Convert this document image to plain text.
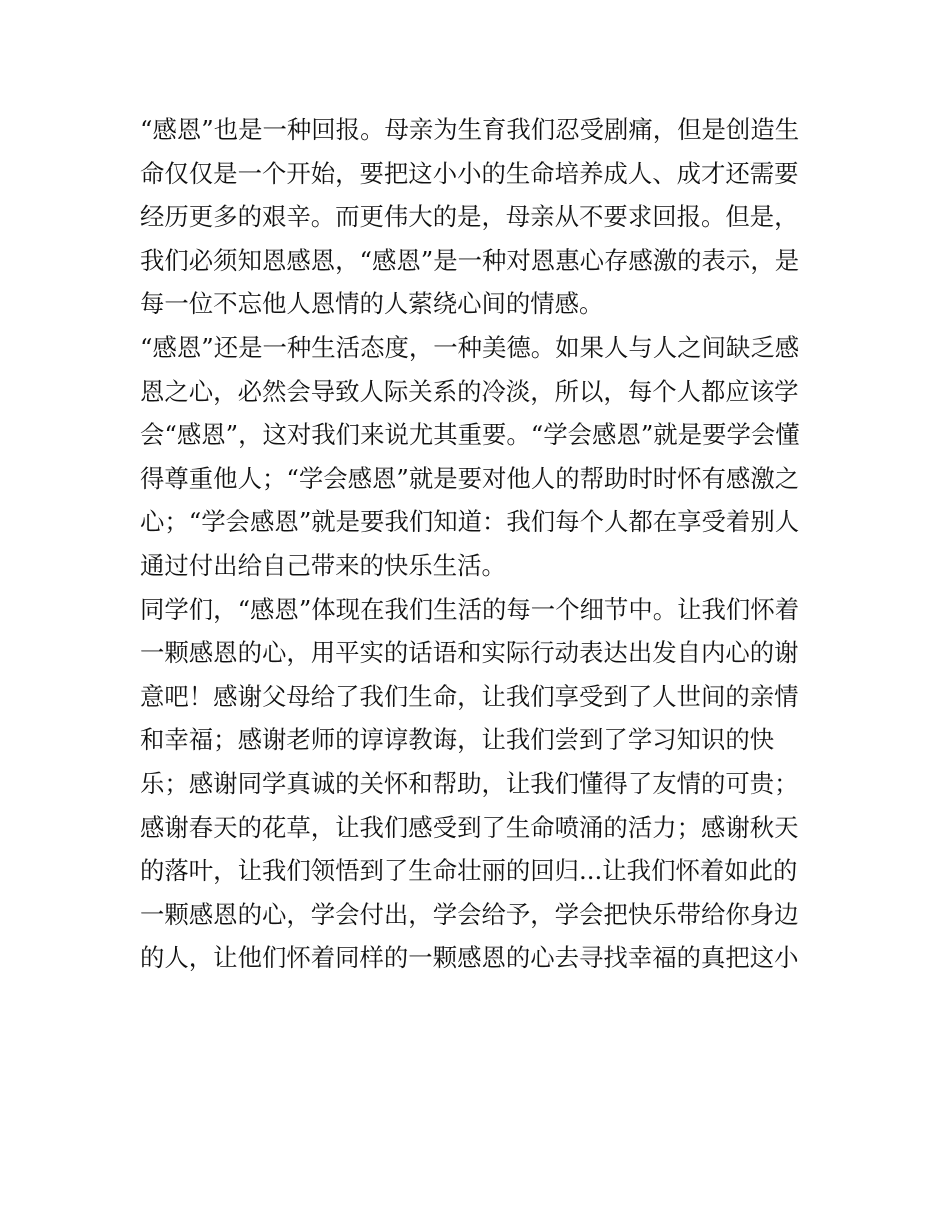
“感恩”也是一种回报。母亲为生育我们忍受剧痛，但是创造生
命仅仅是一个开始，要把这小小的生命培养成人、成才还需要
经历更多的艰辛。而更伟大的是，母亲从不要求回报。但是，
我们必须知恩感恩，“感恩”是一种对恩惠心存感激的表示，是
每一位不忘他人恩情的人萦绕心间的情感。
“感恩”还是一种生活态度，一种美德。如果人与人之间缺乏感
恩之心，必然会导致人际关系的冷淡，所以，每个人都应该学
会“感恩”，这对我们来说尤其重要。“学会感恩”就是要学会懂
得尊重他人；“学会感恩”就是要对他人的帮助时时怀有感激之
心；“学会感恩”就是要我们知道：我们每个人都在享受着别人
通过付出给自己带来的快乐生活。
同学们，“感恩”体现在我们生活的每一个细节中。让我们怀着
一颗感恩的心，用平实的话语和实际行动表达出发自内心的谢
意吧！感谢父母给了我们生命，让我们享受到了人世间的亲情
和幸福；感谢老师的谆谆教诲，让我们尝到了学习知识的快
乐；感谢同学真诚的关怀和帮助，让我们懂得了友情的可贵；
感谢春天的花草，让我们感受到了生命喷涌的活力；感谢秋天
的落叶，让我们领悟到了生命壮丽的回归...让我们怀着如此的
一颗感恩的心，学会付出，学会给予，学会把快乐带给你身边
的人，让他们怀着同样的一颗感恩的心去寻找幸福的真把这小
